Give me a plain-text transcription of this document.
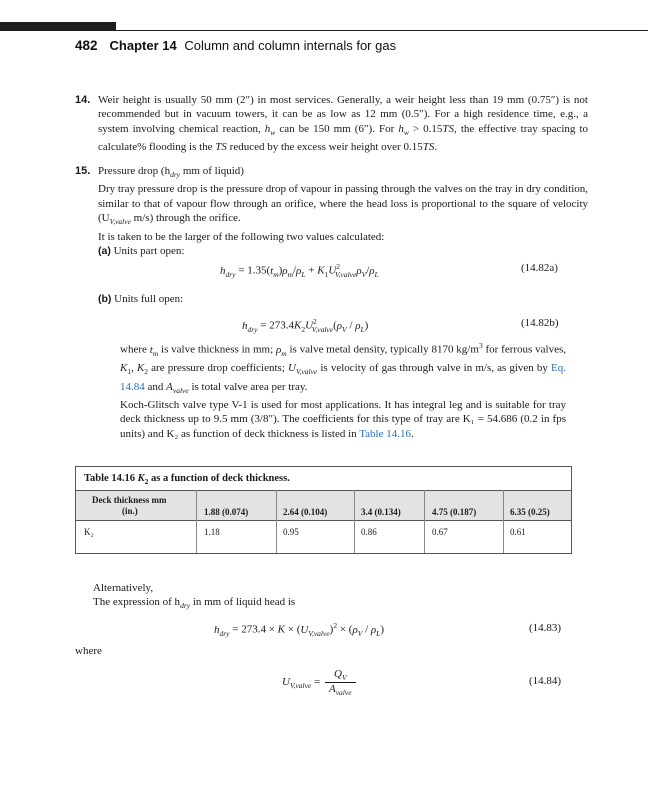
482 Chapter 14 Column and column internals for gas
14. Weir height is usually 50 mm (2″) in most services. Generally, a weir height less than 19 mm (0.75″) is not recommended but in vacuum towers, it can be as low as 12 mm (0.5″). For a high residence time, e.g., a system involving chemical reaction, $h_w$ can be 150 mm (6″). For $h_w > 0.15TS$, the effective tray spacing to calculate% flooding is the TS reduced by the excess weir height over 0.15TS.

15. Pressure drop ($h_{dry}$ mm of liquid)

Dry tray pressure drop is the pressure drop of vapour in passing through the valves on the tray in dry condition, similar to that of vapour flow through an orifice, where the head loss is proportional to the square of velocity ($U_{V,valve}$ m/s) through the orifice.

It is taken to be the larger of the following two values calculated:

(a) Units part open:

$h_{dry} = 1.35(t_m)\rho_m/\rho_L + K_1U^2_{V,valve}\rho_V/\rho_L$
(14.82a)

(b) Units full open:

$h_{dry} = 273.4K_2U^2_{V,valve}(\rho_V / \rho_L)$	(14.82b)

where $t_m$ is valve thickness in mm; $\rho_m$ is valve metal density, typically 8170 $kg/m^3$ for ferrous valves, $K_1$, $K_2$ are pressure drop coefficients; $U_{V,valve}$ is velocity of gas through valve in m/s, as given by Eq. 14.84 and $A_{valve}$ is total valve area per tray.

Koch-Glitsch valve type V-1 is used for most applications. It has integral leg and is suitable for tray deck thickness up to 9.5 mm (3/8″). The coefficients for this type of tray are K₁ = 54.686 (0.2 in fps units) and K₂ as function of deck thickness is listed in Table 14.16.

Table 14.16 $K_2$ as a function of deck thickness.
Deck thickness mm
(in.)	1.88 (0.074)	2.64 (0.104)	3.4 (0.134)	4.75 (0.187)	6.35 (0.25)
K₂	1.18	0.95	0.86	0.67	0.61

Alternatively,

The expression of $h_{dry}$ in mm of liquid head is

$h_{dry} = 273.4 \times K \times (U_{V,valve})^2 \times (\rho_V / \rho_L)$	(14.83)
where
$U_{V,valve}$ =
$Q_V$
$A_{valve}$
(14.84)
